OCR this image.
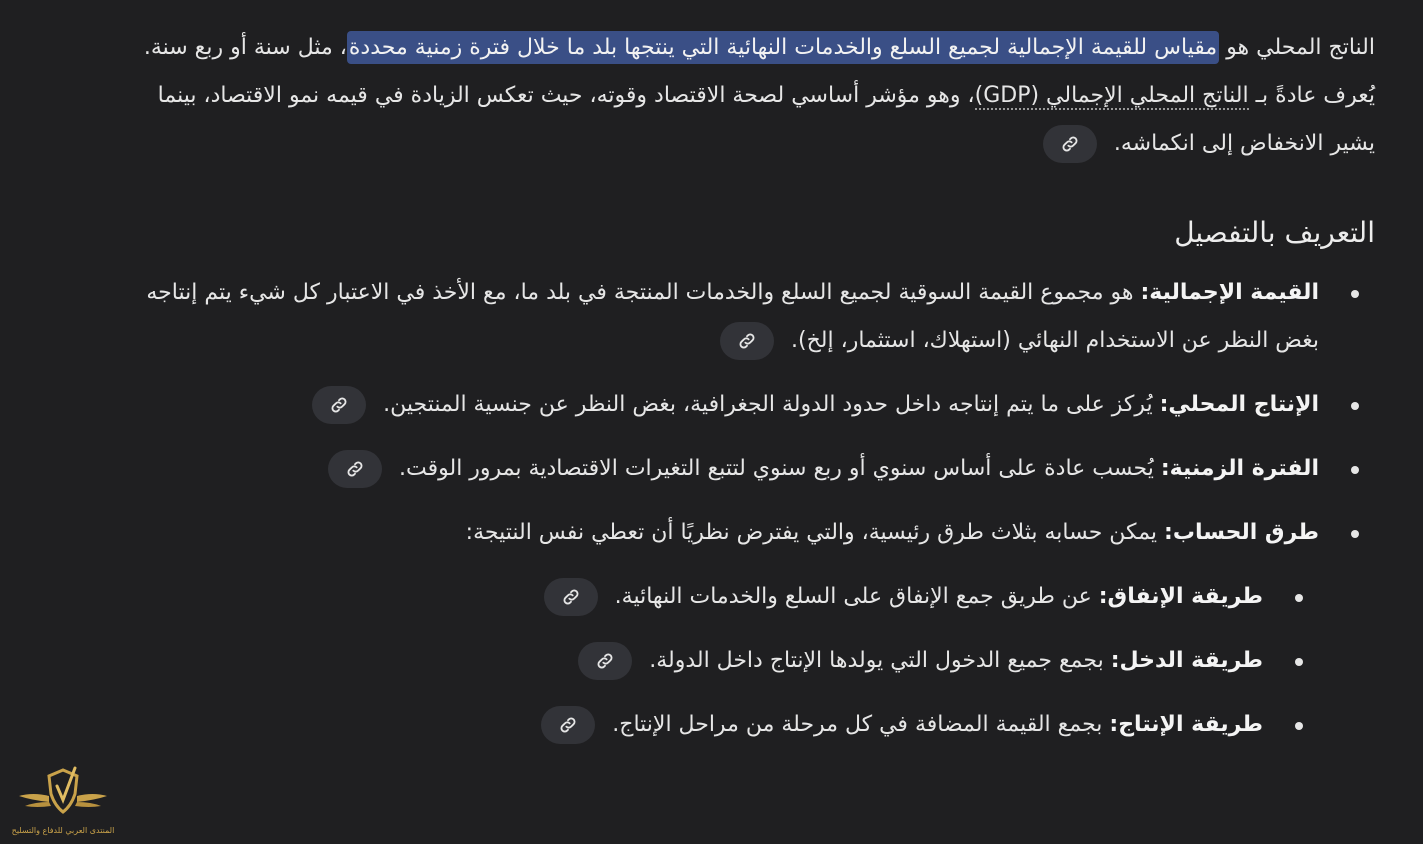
الناتج المحلي هو مقياس للقيمة الإجمالية لجميع السلع والخدمات النهائية التي ينتجها بلد ما خلال فترة زمنية محددة، مثل سنة أو ربع سنة. يُعرف عادةً بـ الناتج المحلي الإجمالي (GDP)، وهو مؤشر أساسي لصحة الاقتصاد وقوته، حيث تعكس الزيادة في قيمه نمو الاقتصاد، بينما يشير الانخفاض إلى انكماشه.

التعريف بالتفصيل
القيمة الإجمالية: هو مجموع القيمة السوقية لجميع السلع والخدمات المنتجة في بلد ما، مع الأخذ في الاعتبار كل شيء يتم إنتاجه بغض النظر عن الاستخدام النهائي (استهلاك، استثمار، إلخ).
الإنتاج المحلي: يُركز على ما يتم إنتاجه داخل حدود الدولة الجغرافية، بغض النظر عن جنسية المنتجين.
الفترة الزمنية: يُحسب عادة على أساس سنوي أو ربع سنوي لتتبع التغيرات الاقتصادية بمرور الوقت.
طرق الحساب: يمكن حسابه بثلاث طرق رئيسية، والتي يفترض نظريًا أن تعطي نفس النتيجة:
طريقة الإنفاق: عن طريق جمع الإنفاق على السلع والخدمات النهائية.
طريقة الدخل: بجمع جميع الدخول التي يولدها الإنتاج داخل الدولة.
طريقة الإنتاج: بجمع القيمة المضافة في كل مرحلة من مراحل الإنتاج.
المنتدى العربي للدفاع والتسليح
